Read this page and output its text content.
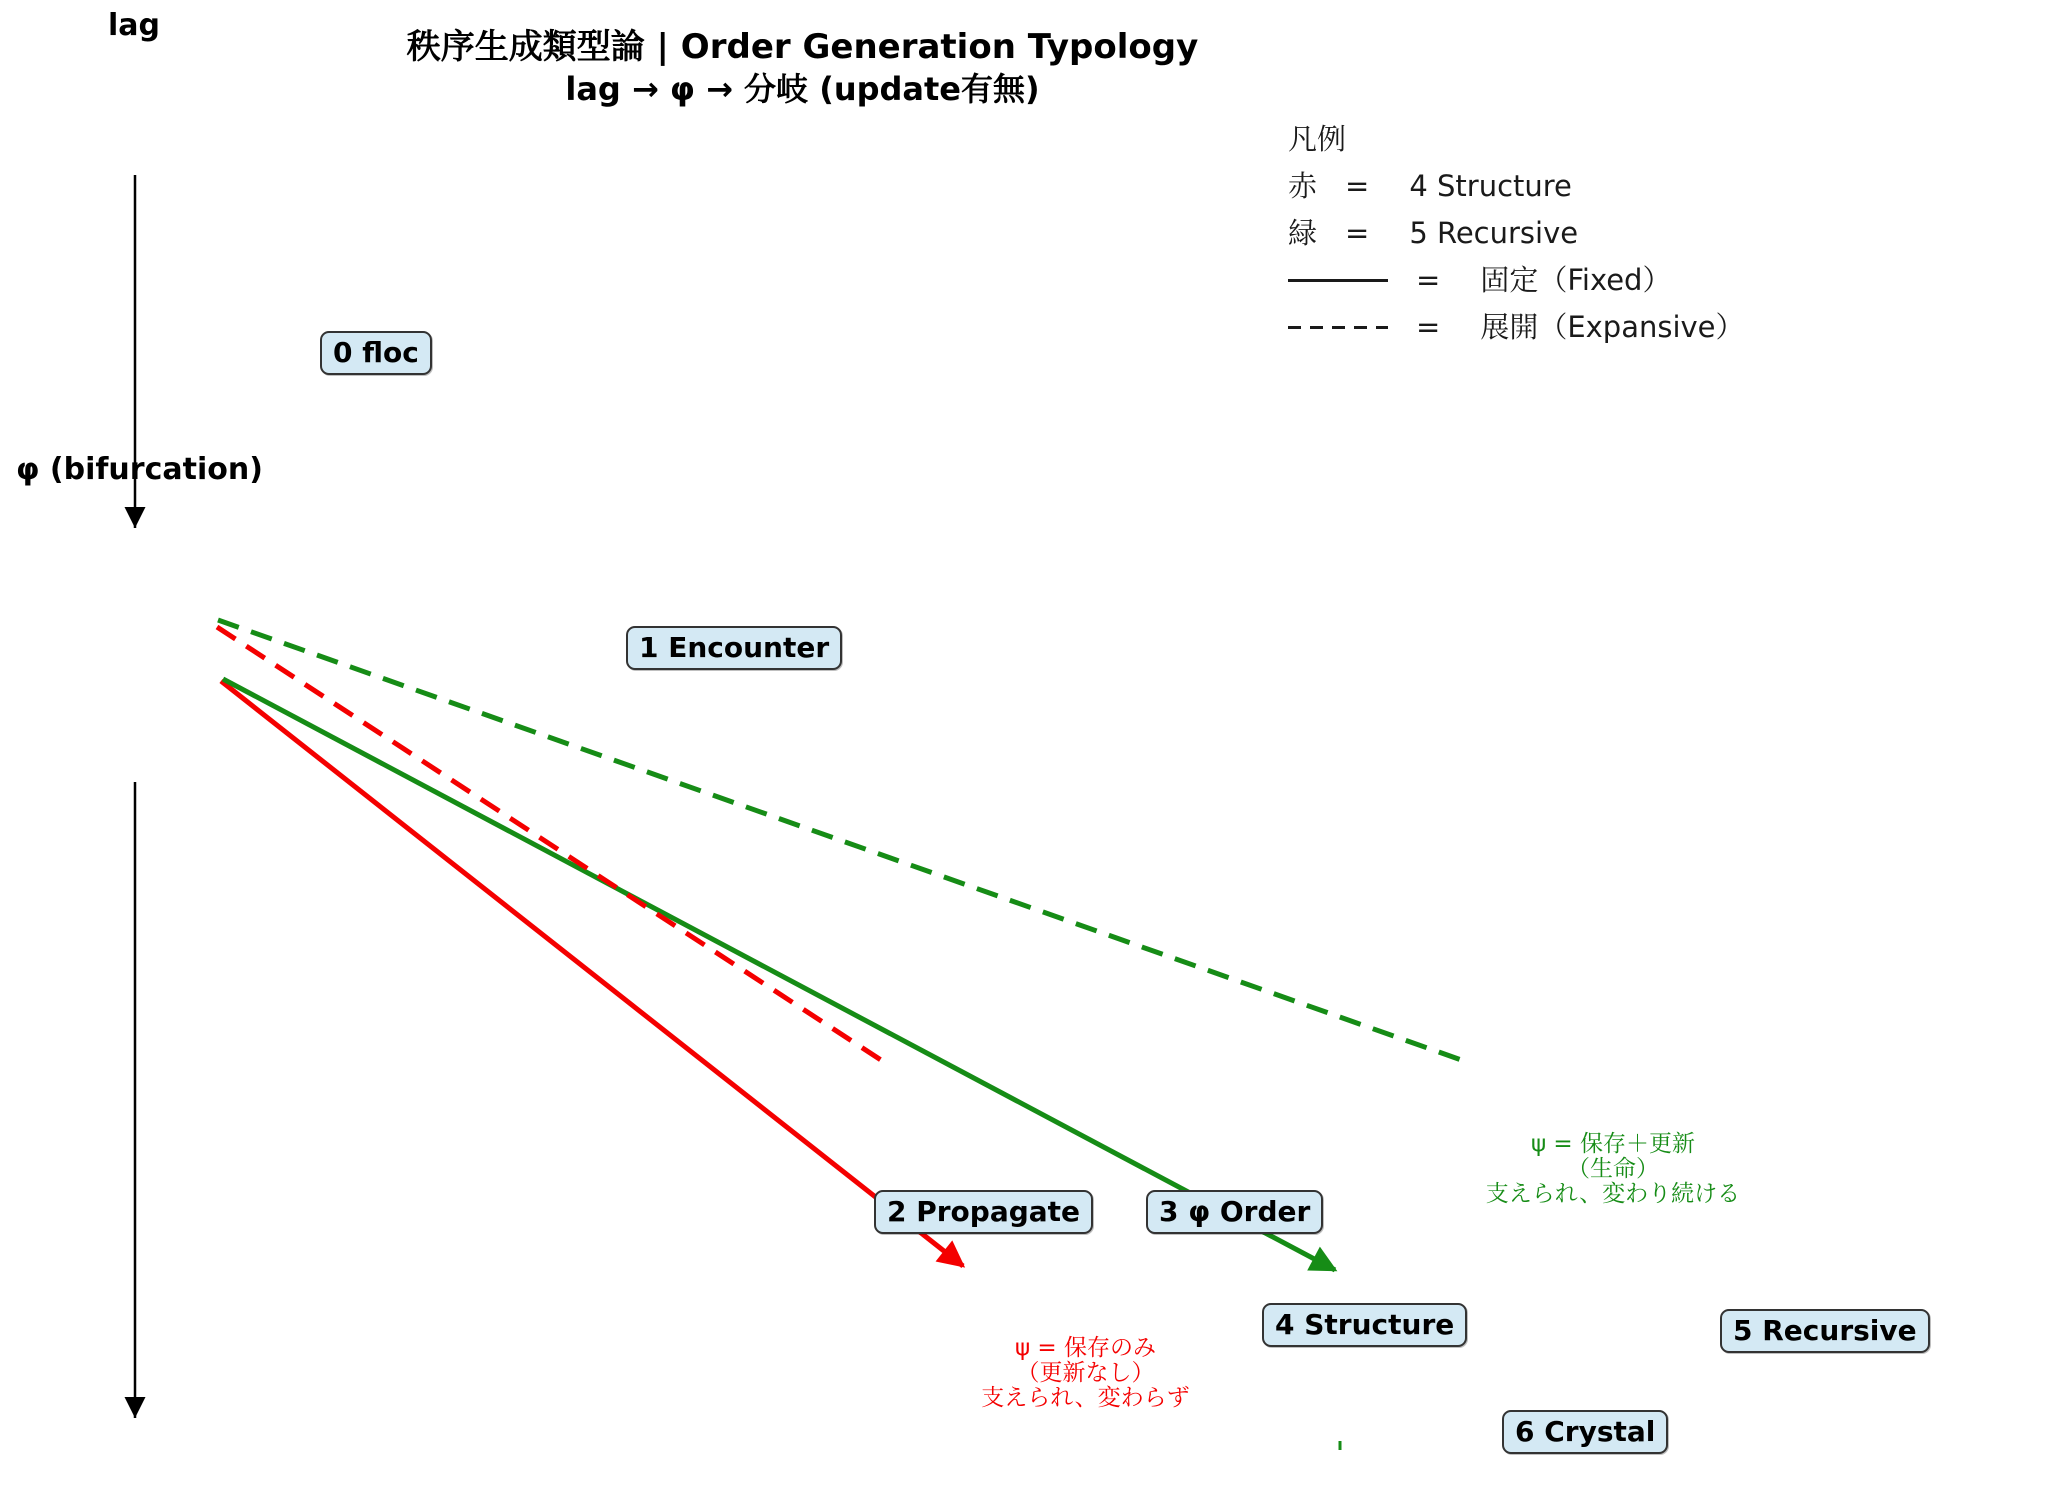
lag
秩序生成類型論 | Order Generation Typology
lag → φ → 分岐 (update有無)
凡例
赤 = 4 Structure
緑 = 5 Recursive
= 固定（Fixed）
= 展開（Expansive）
φ (bifurcation)
0 floc
1 Encounter
2 Propagate	3 φ Order
4 Structure	5 Recursive
6 Crystal
ψ = 保存のみ
（更新なし）
支えられ、変わらず
ψ = 保存＋更新
（生命）
支えられ、変わり続ける
